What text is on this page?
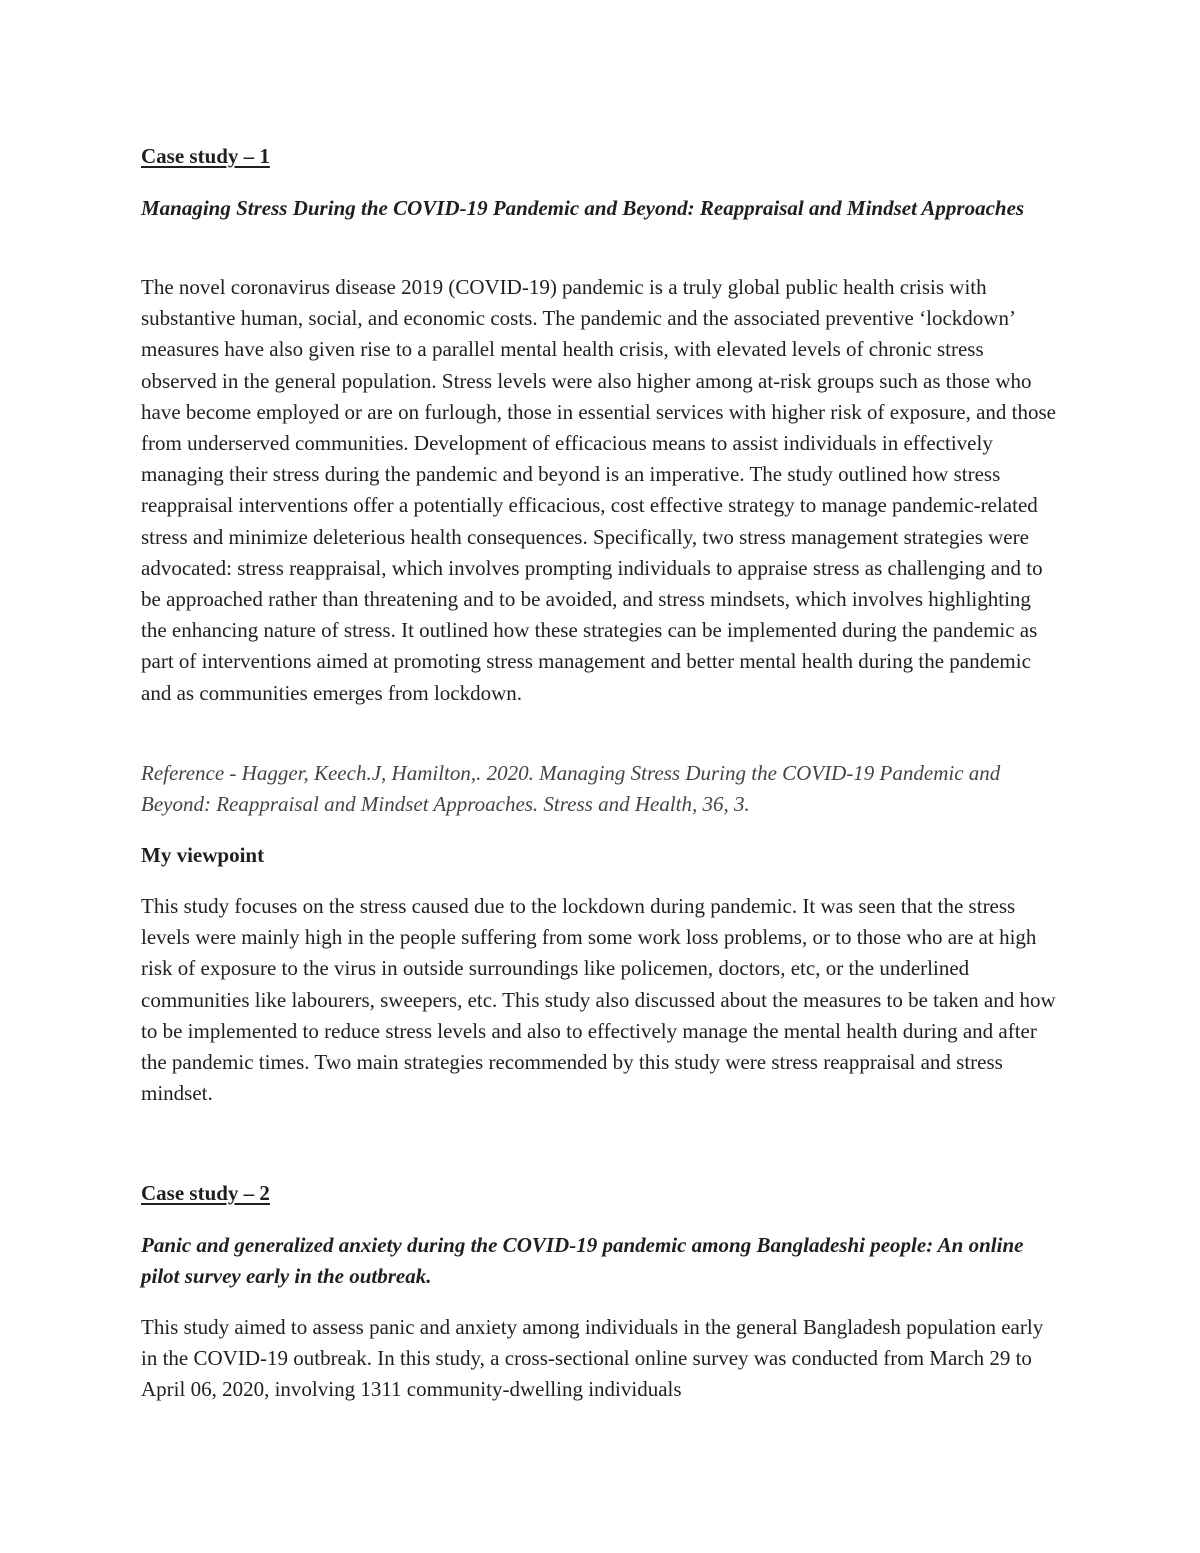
Case study – 1
Managing Stress During the COVID-19 Pandemic and Beyond: Reappraisal and Mindset Approaches
The novel coronavirus disease 2019 (COVID-19) pandemic is a truly global public health crisis with substantive human, social, and economic costs. The pandemic and the associated preventive ‘lockdown’ measures have also given rise to a parallel mental health crisis, with elevated levels of chronic stress observed in the general population. Stress levels were also higher among at-risk groups such as those who have become employed or are on furlough, those in essential services with higher risk of exposure, and those from underserved communities. Development of efficacious means to assist individuals in effectively managing their stress during the pandemic and beyond is an imperative. The study outlined how stress reappraisal interventions offer a potentially efficacious, cost effective strategy to manage pandemic-related stress and minimize deleterious health consequences. Specifically, two stress management strategies were advocated: stress reappraisal, which involves prompting individuals to appraise stress as challenging and to be approached rather than threatening and to be avoided, and stress mindsets, which involves highlighting the enhancing nature of stress. It outlined how these strategies can be implemented during the pandemic as part of interventions aimed at promoting stress management and better mental health during the pandemic and as communities emerges from lockdown.
Reference - Hagger, Keech.J, Hamilton,. 2020. Managing Stress During the COVID-19 Pandemic and Beyond: Reappraisal and Mindset Approaches. Stress and Health, 36, 3.
My viewpoint
This study focuses on the stress caused due to the lockdown during pandemic. It was seen that the stress levels were mainly high in the people suffering from some work loss problems, or to those who are at high risk of exposure to the virus in outside surroundings like policemen, doctors, etc, or the underlined communities like labourers, sweepers, etc. This study also discussed about the measures to be taken and how to be implemented to reduce stress levels and also to effectively manage the mental health during and after the pandemic times. Two main strategies recommended by this study were stress reappraisal and stress mindset.
Case study – 2
Panic and generalized anxiety during the COVID-19 pandemic among Bangladeshi people: An online pilot survey early in the outbreak.
This study aimed to assess panic and anxiety among individuals in the general Bangladesh population early in the COVID-19 outbreak. In this study, a cross-sectional online survey was conducted from March 29 to April 06, 2020, involving 1311 community-dwelling individuals
